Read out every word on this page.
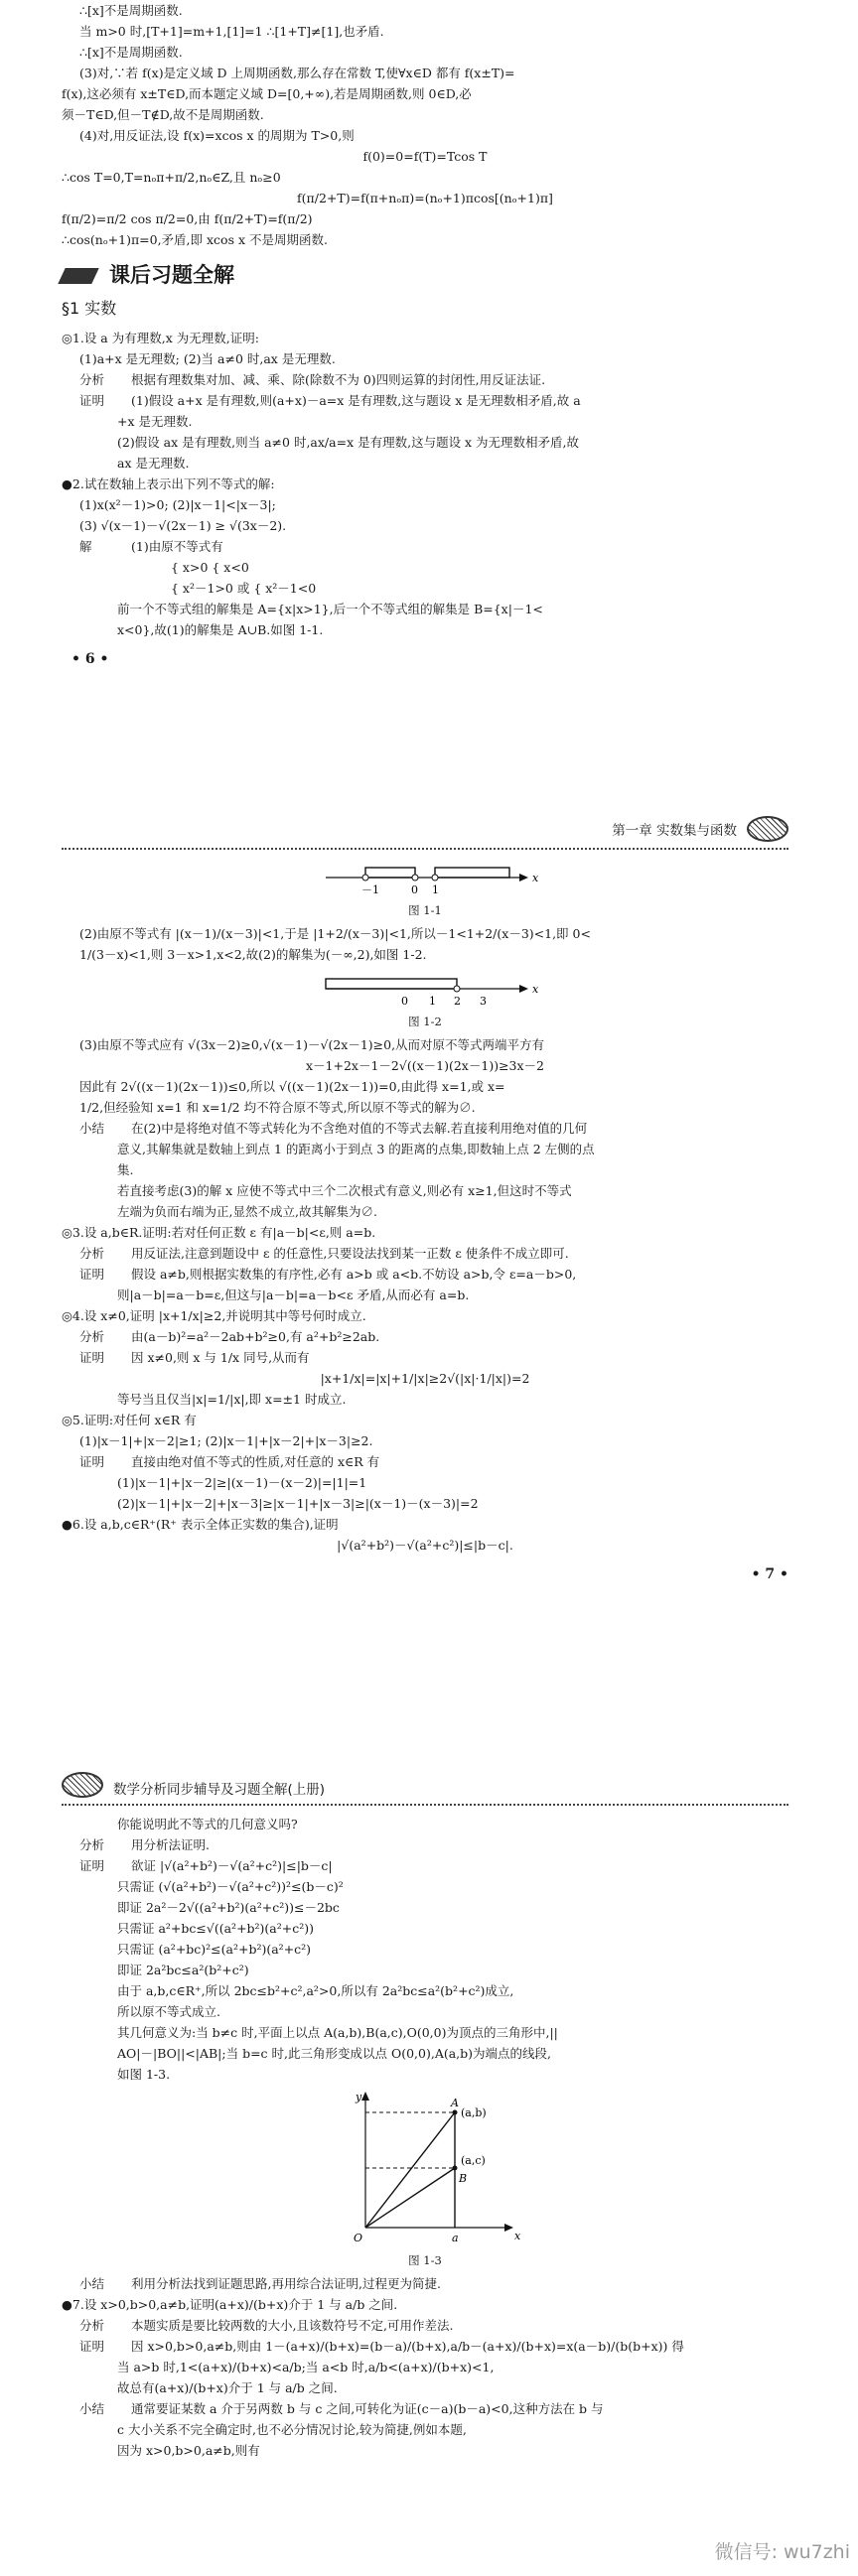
∴[x]不是周期函数.
当 m>0 时,[T+1]=m+1,[1]=1 ∴[1+T]≠[1],也矛盾.
∴[x]不是周期函数.
(3)对,∵若 f(x)是定义域 D 上周期函数,那么存在常数 T,使∀x∈D 都有 f(x±T)=
f(x),这必须有 x±T∈D,而本题定义域 D=[0,+∞),若是周期函数,则 0∈D,必
须－T∈D,但－T∉D,故不是周期函数.
(4)对,用反证法,设 f(x)=xcos x 的周期为 T>0,则
f(0)=0=f(T)=Tcos T
∴cos T=0,T=nₒπ+π/2,nₒ∈Z,且 nₒ≥0
f(π/2+T)=f(π+nₒπ)=(nₒ+1)πcos[(nₒ+1)π]
f(π/2)=π/2 cos π/2=0,由 f(π/2+T)=f(π/2)
∴cos(nₒ+1)π=0,矛盾,即 xcos x 不是周期函数.
课后习题全解
§1 实数
◎1.设 a 为有理数,x 为无理数,证明:
(1)a+x 是无理数; (2)当 a≠0 时,ax 是无理数.
分析 根据有理数集对加、减、乘、除(除数不为 0)四则运算的封闭性,用反证法证.
证明 (1)假设 a+x 是有理数,则(a+x)－a=x 是有理数,这与题设 x 是无理数相矛盾,故 a
+x 是无理数.
(2)假设 ax 是有理数,则当 a≠0 时,ax/a=x 是有理数,这与题设 x 为无理数相矛盾,故
ax 是无理数.
●2.试在数轴上表示出下列不等式的解:
(1)x(x²－1)>0; (2)|x－1|<|x－3|;
(3) √(x－1)－√(2x－1) ≥ √(3x－2).
解	(1)由原不等式有
{ x>0 { x<0
{ x²－1>0 或 { x²－1<0
前一个不等式组的解集是 A={x|x>1},后一个不等式组的解集是 B={x|－1<
x<0},故(1)的解集是 A∪B.如图 1-1.
• 6 •
第一章 实数集与函数
－1	0 1
x
图 1-1
(2)由原不等式有 |(x－1)/(x－3)|<1,于是 |1+2/(x－3)|<1,所以－1<1+2/(x－3)<1,即 0<
1/(3－x)<1,则 3－x>1,x<2,故(2)的解集为(－∞,2),如图 1-2.
0 1 2 3
x
图 1-2
(3)由原不等式应有 √(3x－2)≥0,√(x－1)－√(2x－1)≥0,从而对原不等式两端平方有
x－1+2x－1－2√((x－1)(2x－1))≥3x－2
因此有 2√((x－1)(2x－1))≤0,所以 √((x－1)(2x－1))=0,由此得 x=1,或 x=
1/2,但经验知 x=1 和 x=1/2 均不符合原不等式,所以原不等式的解为∅.
小结 在(2)中是将绝对值不等式转化为不含绝对值的不等式去解.若直接利用绝对值的几何
意义,其解集就是数轴上到点 1 的距离小于到点 3 的距离的点集,即数轴上点 2 左侧的点
集.
若直接考虑(3)的解 x 应使不等式中三个二次根式有意义,则必有 x≥1,但这时不等式
左端为负而右端为正,显然不成立,故其解集为∅.
◎3.设 a,b∈R.证明:若对任何正数 ε 有|a－b|<ε,则 a=b.
分析 用反证法,注意到题设中 ε 的任意性,只要设法找到某一正数 ε 使条件不成立即可.
证明 假设 a≠b,则根据实数集的有序性,必有 a>b 或 a<b.不妨设 a>b,令 ε=a－b>0,
则|a－b|=a－b=ε,但这与|a－b|=a－b<ε 矛盾,从而必有 a=b.
◎4.设 x≠0,证明 |x+1/x|≥2,并说明其中等号何时成立.
分析 由(a－b)²=a²－2ab+b²≥0,有 a²+b²≥2ab.
证明 因 x≠0,则 x 与 1/x 同号,从而有
|x+1/x|=|x|+1/|x|≥2√(|x|·1/|x|)=2
等号当且仅当|x|=1/|x|,即 x=±1 时成立.
◎5.证明:对任何 x∈R 有
(1)|x－1|+|x－2|≥1; (2)|x－1|+|x－2|+|x－3|≥2.
证明 直接由绝对值不等式的性质,对任意的 x∈R 有
(1)|x－1|+|x－2|≥|(x－1)－(x－2)|=|1|=1
(2)|x－1|+|x－2|+|x－3|≥|x－1|+|x－3|≥|(x－1)－(x－3)|=2
●6.设 a,b,c∈R⁺(R⁺ 表示全体正实数的集合),证明
|√(a²+b²)－√(a²+c²)|≤|b－c|.
• 7 •
数学分析同步辅导及习题全解(上册)
你能说明此不等式的几何意义吗?
分析 用分析法证明.
证明 欲证 |√(a²+b²)－√(a²+c²)|≤|b－c|
只需证 (√(a²+b²)－√(a²+c²))²≤(b－c)²
即证 2a²－2√((a²+b²)(a²+c²))≤－2bc
只需证 a²+bc≤√((a²+b²)(a²+c²))
只需证 (a²+bc)²≤(a²+b²)(a²+c²)
即证 2a²bc≤a²(b²+c²)
由于 a,b,c∈R⁺,所以 2bc≤b²+c²,a²>0,所以有 2a²bc≤a²(b²+c²)成立,
所以原不等式成立.
其几何意义为:当 b≠c 时,平面上以点 A(a,b),B(a,c),O(0,0)为顶点的三角形中,||
AO|－|BO||<|AB|;当 b=c 时,此三角形变成以点 O(0,0),A(a,b)为端点的线段,
如图 1-3.
y
x
O	a
A
(a,b)
(a,c)
B
图 1-3
小结 利用分析法找到证题思路,再用综合法证明,过程更为简捷.
●7.设 x>0,b>0,a≠b,证明(a+x)/(b+x)介于 1 与 a/b 之间.
分析 本题实质是要比较两数的大小,且该数符号不定,可用作差法.
证明 因 x>0,b>0,a≠b,则由 1－(a+x)/(b+x)=(b－a)/(b+x),a/b－(a+x)/(b+x)=x(a－b)/(b(b+x)) 得
当 a>b 时,1<(a+x)/(b+x)<a/b;当 a<b 时,a/b<(a+x)/(b+x)<1,
故总有(a+x)/(b+x)介于 1 与 a/b 之间.
小结 通常要证某数 a 介于另两数 b 与 c 之间,可转化为证(c－a)(b－a)<0,这种方法在 b 与
c 大小关系不完全确定时,也不必分情况讨论,较为简捷,例如本题,
因为 x>0,b>0,a≠b,则有
微信号: wu7zhi
